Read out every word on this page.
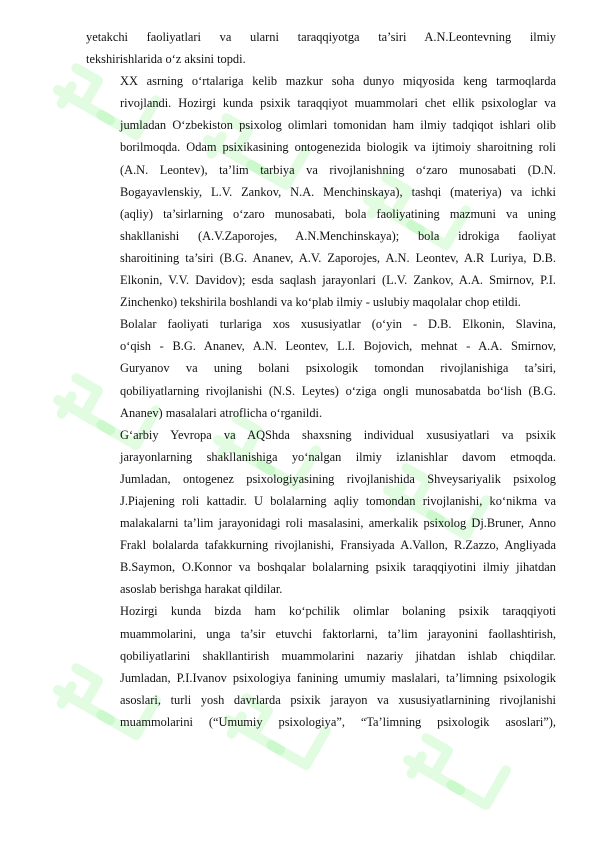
yetakchi faoliyatlari va ularni taraqqiyotga ta’siri A.N.Leontevning ilmiy
tekshirishlarida o‘z aksini topdi.

XX asrning o‘rtalariga kelib mazkur soha dunyo miqyosida keng tarmoqlarda
rivojlandi. Hozirgi kunda psixik taraqqiyot muammolari chet ellik psixologlar va
jumladan O‘zbekiston psixolog olimlari tomonidan ham ilmiy tadqiqot ishlari olib
borilmoqda. Odam psixikasining ontogenezida biologik va ijtimoiy sharoitning roli
(A.N. Leontev), ta’lim tarbiya va rivojlanishning o‘zaro munosabati (D.N.
Bogayavlenskiy, L.V. Zankov, N.A. Menchinskaya), tashqi (materiya) va ichki
(aqliy) ta’sirlarning o‘zaro munosabati, bola faoliyatining mazmuni va uning
shakllanishi (A.V.Zaporojes, A.N.Menchinskaya); bola idrokiga faoliyat
sharoitining ta’siri (B.G. Ananev, A.V. Zaporojes, A.N. Leontev, A.R Luriya, D.B.
Elkonin, V.V. Davidov); esda saqlash jarayonlari (L.V. Zankov, A.A. Smirnov, P.I.
Zinchenko) tekshirila boshlandi va ko‘plab ilmiy - uslubiy maqolalar chop etildi.

Bolalar faoliyati turlariga xos xususiyatlar (o‘yin - D.B. Elkonin, Slavina,
o‘qish - B.G. Ananev, A.N. Leontev, L.I. Bojovich, mehnat - A.A. Smirnov,
Guryanov va uning bolani psixologik tomondan rivojlanishiga ta’siri,
qobiliyatlarning rivojlanishi (N.S. Leytes) o‘ziga ongli munosabatda bo‘lish (B.G.
Ananev) masalalari atroflicha o‘rganildi.

G‘arbiy Yevropa va AQShda shaxsning individual xususiyatlari va psixik
jarayonlarning shakllanishiga yo‘nalgan ilmiy izlanishlar davom etmoqda.
Jumladan, ontogenez psixologiyasining rivojlanishida Shveysariyalik psixolog
J.Piajening roli kattadir. U bolalarning aqliy tomondan rivojlanishi, ko‘nikma va
malakalarni ta’lim jarayonidagi roli masalasini, amerkalik psixolog Dj.Bruner, Anno
Frakl bolalarda tafakkurning rivojlanishi, Fransiyada A.Vallon, R.Zazzo, Angliyada
B.Saymon, O.Konnor va boshqalar bolalarning psixik taraqqiyotini ilmiy jihatdan
asoslab berishga harakat qildilar.

Hozirgi kunda bizda ham ko‘pchilik olimlar bolaning psixik taraqqiyoti
muammolarini, unga ta’sir etuvchi faktorlarni, ta’lim jarayonini faollashtirish,
qobiliyatlarini shakllantirish muammolarini nazariy jihatdan ishlab chiqdilar.
Jumladan, P.I.Ivanov psixologiya fanining umumiy maslalari, ta’limning psixologik
asoslari, turli yosh davrlarda psixik jarayon va xususiyatlarnining rivojlanishi
muammolarini (“Umumiy psixologiya”, “Ta’limning psixologik asoslari”),
